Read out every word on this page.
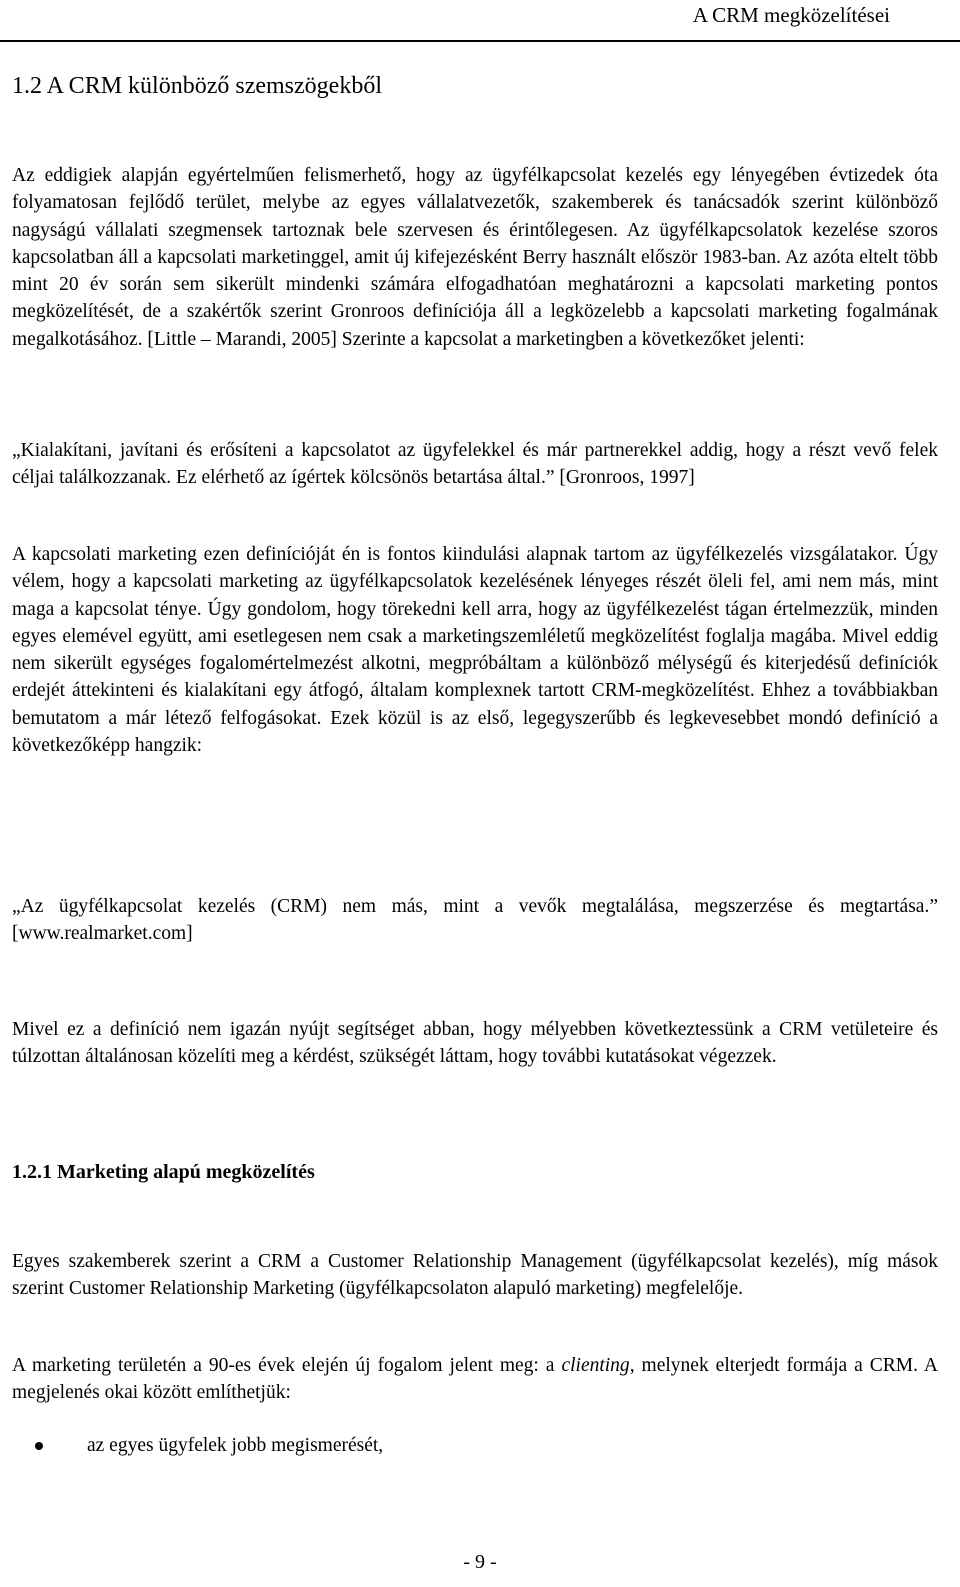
A CRM megközelítései
1.2 A CRM különböző szemszögekből

Az eddigiek alapján egyértelműen felismerhető, hogy az ügyfélkapcsolat kezelés egy lényegében évtizedek óta folyamatosan fejlődő terület, melybe az egyes vállalatvezetők, szakemberek és tanácsadók szerint különböző nagyságú vállalati szegmensek tartoznak bele szervesen és érintőlegesen. Az ügyfélkapcsolatok kezelése szoros kapcsolatban áll a kapcsolati marketinggel, amit új kifejezésként Berry használt először 1983-ban. Az azóta eltelt több mint 20 év során sem sikerült mindenki számára elfogadhatóan meghatározni a kapcsolati marketing pontos megközelítését, de a szakértők szerint Gronroos definíciója áll a legközelebb a kapcsolati marketing fogalmának megalkotásához. [Little – Marandi, 2005] Szerinte a kapcsolat a marketingben a következőket jelenti:

„Kialakítani, javítani és erősíteni a kapcsolatot az ügyfelekkel és már partnerekkel addig, hogy a részt vevő felek céljai találkozzanak. Ez elérhető az ígértek kölcsönös betartása által.” [Gronroos, 1997]

A kapcsolati marketing ezen definícióját én is fontos kiindulási alapnak tartom az ügyfélkezelés vizsgálatakor. Úgy vélem, hogy a kapcsolati marketing az ügyfélkapcsolatok kezelésének lényeges részét öleli fel, ami nem más, mint maga a kapcsolat ténye. Úgy gondolom, hogy törekedni kell arra, hogy az ügyfélkezelést tágan értelmezzük, minden egyes elemével együtt, ami esetlegesen nem csak a marketingszemléletű megközelítést foglalja magába. Mivel eddig nem sikerült egységes fogalomértelmezést alkotni, megpróbáltam a különböző mélységű és kiterjedésű definíciók erdejét áttekinteni és kialakítani egy átfogó, általam komplexnek tartott CRM-megközelítést. Ehhez a továbbiakban bemutatom a már létező felfogásokat. Ezek közül is az első, legegyszerűbb és legkevesebbet mondó definíció a következőképp hangzik:

„Az ügyfélkapcsolat kezelés (CRM) nem más, mint a vevők megtalálása, megszerzése és megtartása.” [www.realmarket.com]

Mivel ez a definíció nem igazán nyújt segítséget abban, hogy mélyebben következtessünk a CRM vetületeire és túlzottan általánosan közelíti meg a kérdést, szükségét láttam, hogy további kutatásokat végezzek.

1.2.1 Marketing alapú megközelítés

Egyes szakemberek szerint a CRM a Customer Relationship Management (ügyfélkapcsolat kezelés), míg mások szerint Customer Relationship Marketing (ügyfélkapcsolaton alapuló marketing) megfelelője.

A marketing területén a 90-es évek elején új fogalom jelent meg: a clienting, melynek elterjedt formája a CRM. A megjelenés okai között említhetjük:

az egyes ügyfelek jobb megismerését,
- 9 -
